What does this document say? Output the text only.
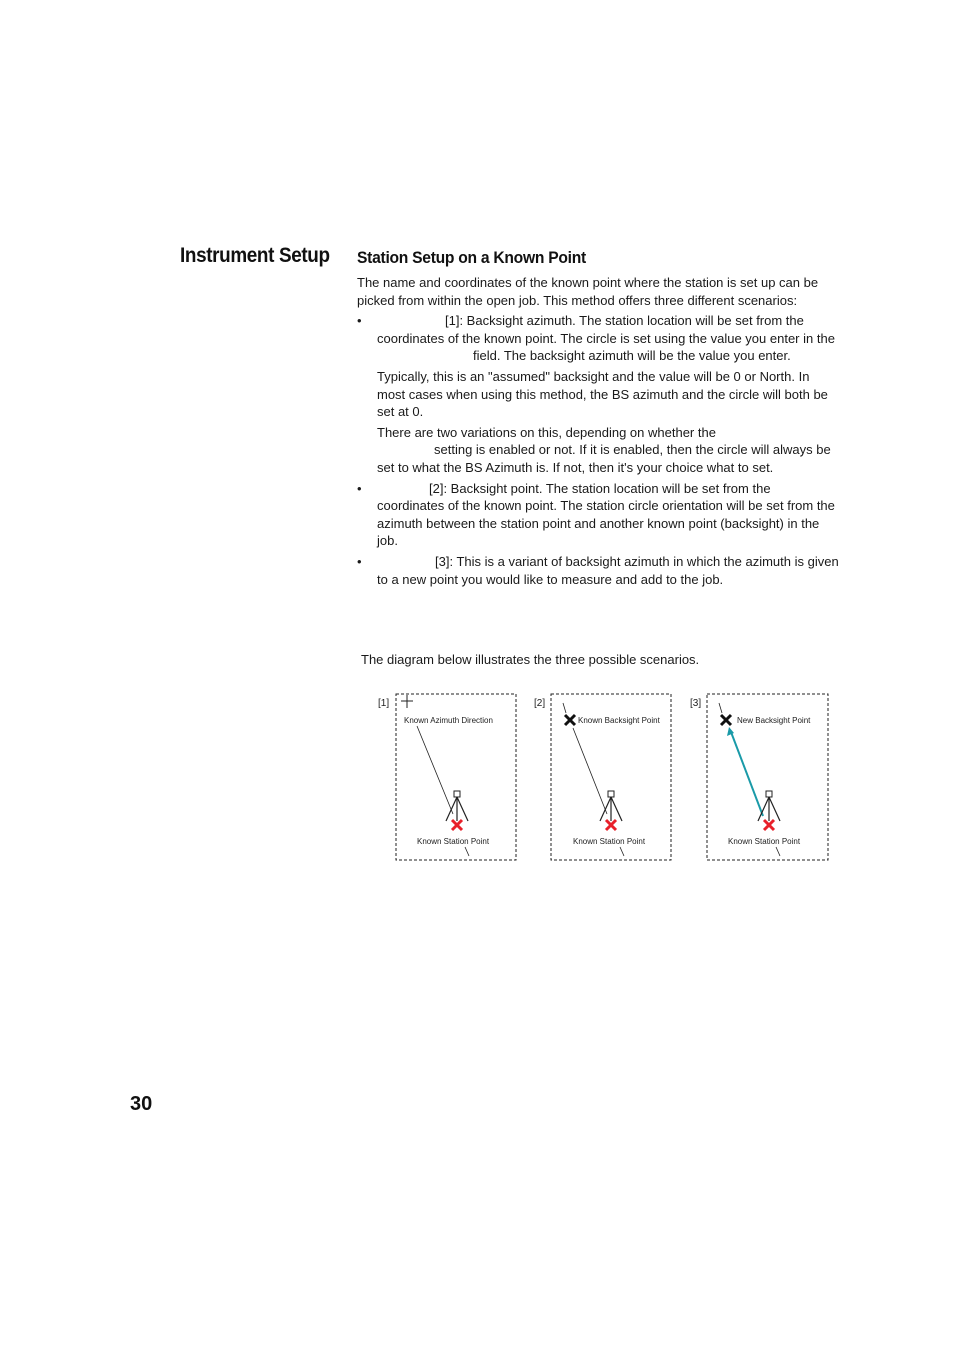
Instrument Setup Station Setup on a Known Point

The name and coordinates of the known point where the station is set up can be picked from within the open job. This method offers three different scenarios:

•	[1]: Backsight azimuth. The station location will be set from the coordinates of the known point. The circle is set using the value you enter in the field. The backsight azimuth will be the value you enter.

Typically, this is an "assumed" backsight and the value will be 0 or North. In most cases when using this method, the BS azimuth and the circle will both be set at 0.

There are two variations on this, depending on whether the
setting is enabled or not. If it is enabled, then the circle will always be set to what the BS Azimuth is. If not, then it's your choice what to set.

•	[2]: Backsight point. The station location will be set from the coordinates of the known point. The station circle orientation will be set from the azimuth between the station point and another known point (backsight) in the job.
•	[3]: This is a variant of backsight azimuth in which the azimuth is given to a new point you would like to measure and add to the job.
The diagram below illustrates the three possible scenarios.
[1]
Known Azimuth Direction
Known Station Point
[2]
Known Backsight Point
Known Station Point
[3]
New Backsight Point
Known Station Point
30
